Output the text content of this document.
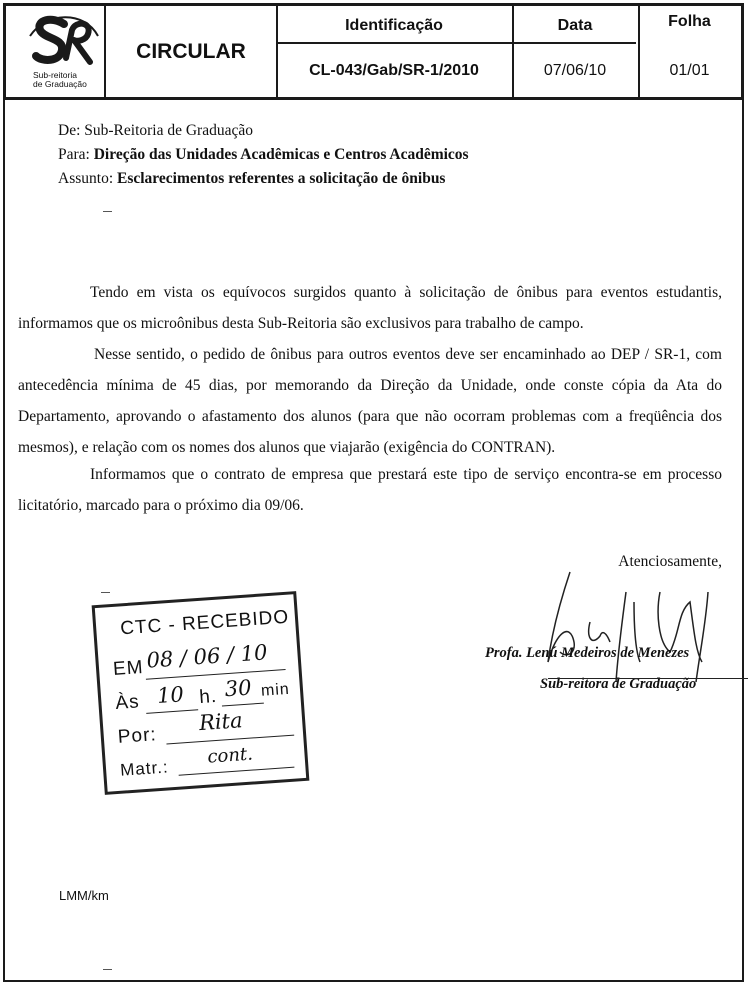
Sub-reitoria
de Graduação
CIRCULAR
Identificação
CL-043/Gab/SR-1/2010
Data
07/06/10
Folha
01/01
De: Sub-Reitoria de Graduação
Para: Direção das Unidades Acadêmicas e Centros Acadêmicos
Assunto: Esclarecimentos referentes a solicitação de ônibus
Tendo em vista os equívocos surgidos quanto à solicitação de ônibus para eventos estudantis, informamos que os microônibus desta Sub-Reitoria são exclusivos para trabalho de campo.
Nesse sentido, o pedido de ônibus para outros eventos deve ser encaminhado ao DEP / SR-1, com antecedência mínima de 45 dias, por memorando da Direção da Unidade, onde conste cópia da Ata do Departamento, aprovando o afastamento dos alunos (para que não ocorram problemas com a freqüência dos mesmos), e relação com os nomes dos alunos que viajarão (exigência do CONTRAN).
Informamos que o contrato de empresa que prestará este tipo de serviço encontra-se em processo licitatório, marcado para o próximo dia 09/06.
Atenciosamente,
Profa. Lenú Medeiros de Menezes
Sub-reitora de Graduação
CTC - RECEBIDO
EM 08 / 06 / 10
Às 10 h. 30 min
Por:
Rita
Matr.:
cont.
LMM/km
